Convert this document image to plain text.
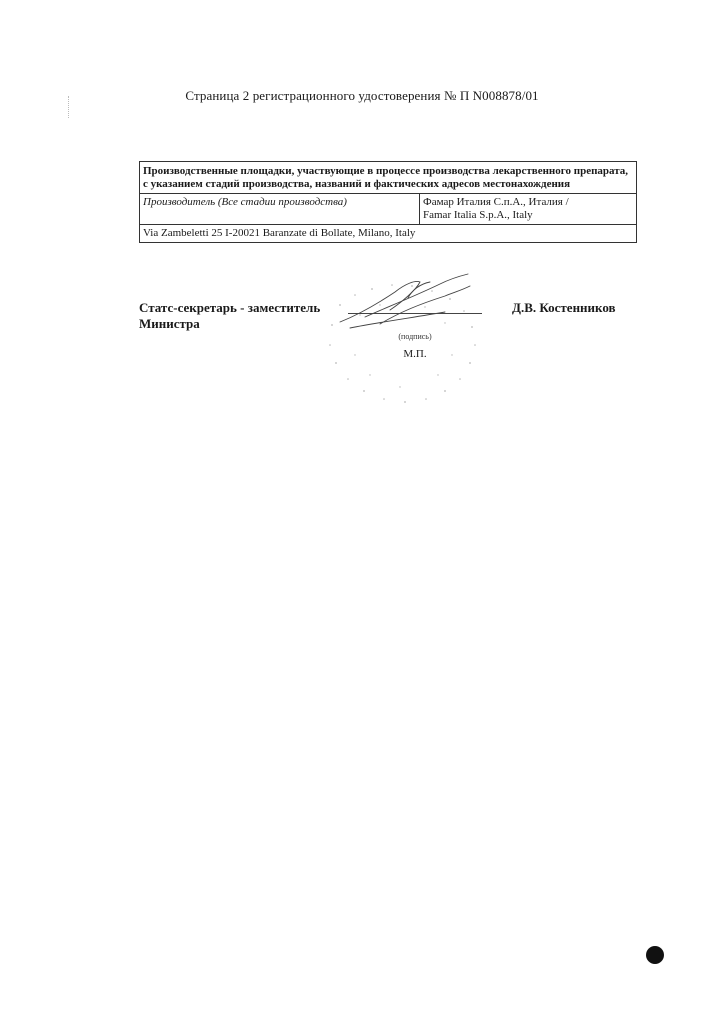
Страница 2 регистрационного удостоверения № П N008878/01
Производственные площадки, участвующие в процессе производства лекарственного препарата, с указанием стадий производства, названий и фактических адресов местонахождения
Производитель (Все стадии производства)	Фамар Италия С.п.А., Италия /
Famar Italia S.p.A., Italy
Via Zambeletti 25 I-20021 Baranzate di Bollate, Milano, Italy
(подпись)
М.П.
Статс-секретарь - заместитель
Министра
Д.В. Костенников
